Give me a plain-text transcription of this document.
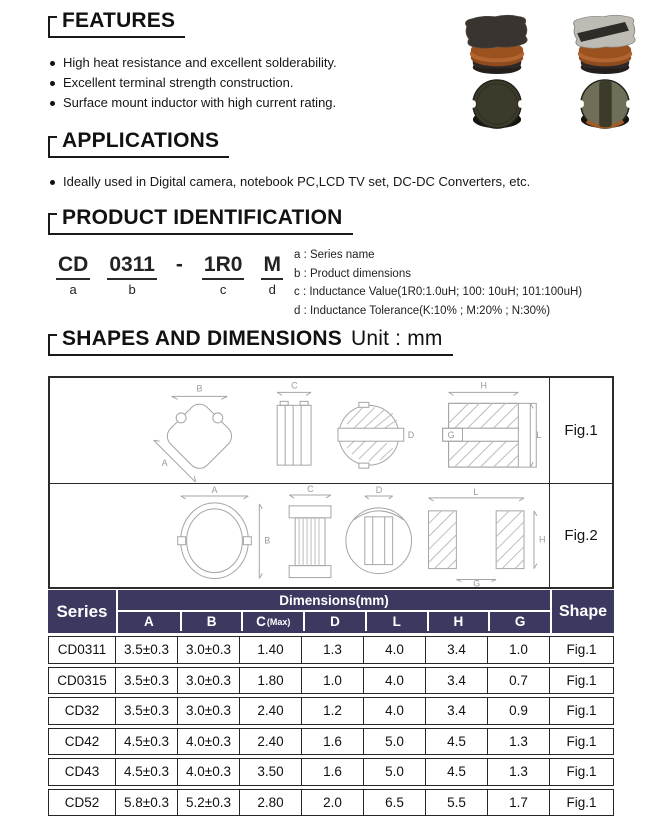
FEATURES
High heat resistance and excellent solderability.
Excellent terminal strength construction.
Surface mount inductor with high current rating.
APPLICATIONS
Ideally used in Digital camera, notebook PC,LCD TV set, DC-DC Converters, etc.
PRODUCT IDENTIFICATION
CD
a
0311
b
- 1R0
c
M
d
a : Series name
b : Product dimensions
c : Inductance Value(1R0:1.0uH; 100: 10uH; 101:100uH)
d : Inductance Tolerance(K:10% ; M:20% ; N:30%)
SHAPES AND DIMENSIONS Unit : mm
B
A
C
D	G
H
L	Fig.1
A
B
C	D	L
H
G
Fig.2
Series
Dimensions(mm)
A	B	C (Max)	D	L	H	G
Shape
CD0311	3.5±0.3	3.0±0.3	1.40	1.3	4.0	3.4	1.0	Fig.1
CD0315	3.5±0.3	3.0±0.3	1.80	1.0	4.0	3.4	0.7	Fig.1
CD32	3.5±0.3	3.0±0.3	2.40	1.2	4.0	3.4	0.9	Fig.1
CD42	4.5±0.3	4.0±0.3	2.40	1.6	5.0	4.5	1.3	Fig.1
CD43	4.5±0.3	4.0±0.3	3.50	1.6	5.0	4.5	1.3	Fig.1
CD52	5.8±0.3	5.2±0.3	2.80	2.0	6.5	5.5	1.7	Fig.1
